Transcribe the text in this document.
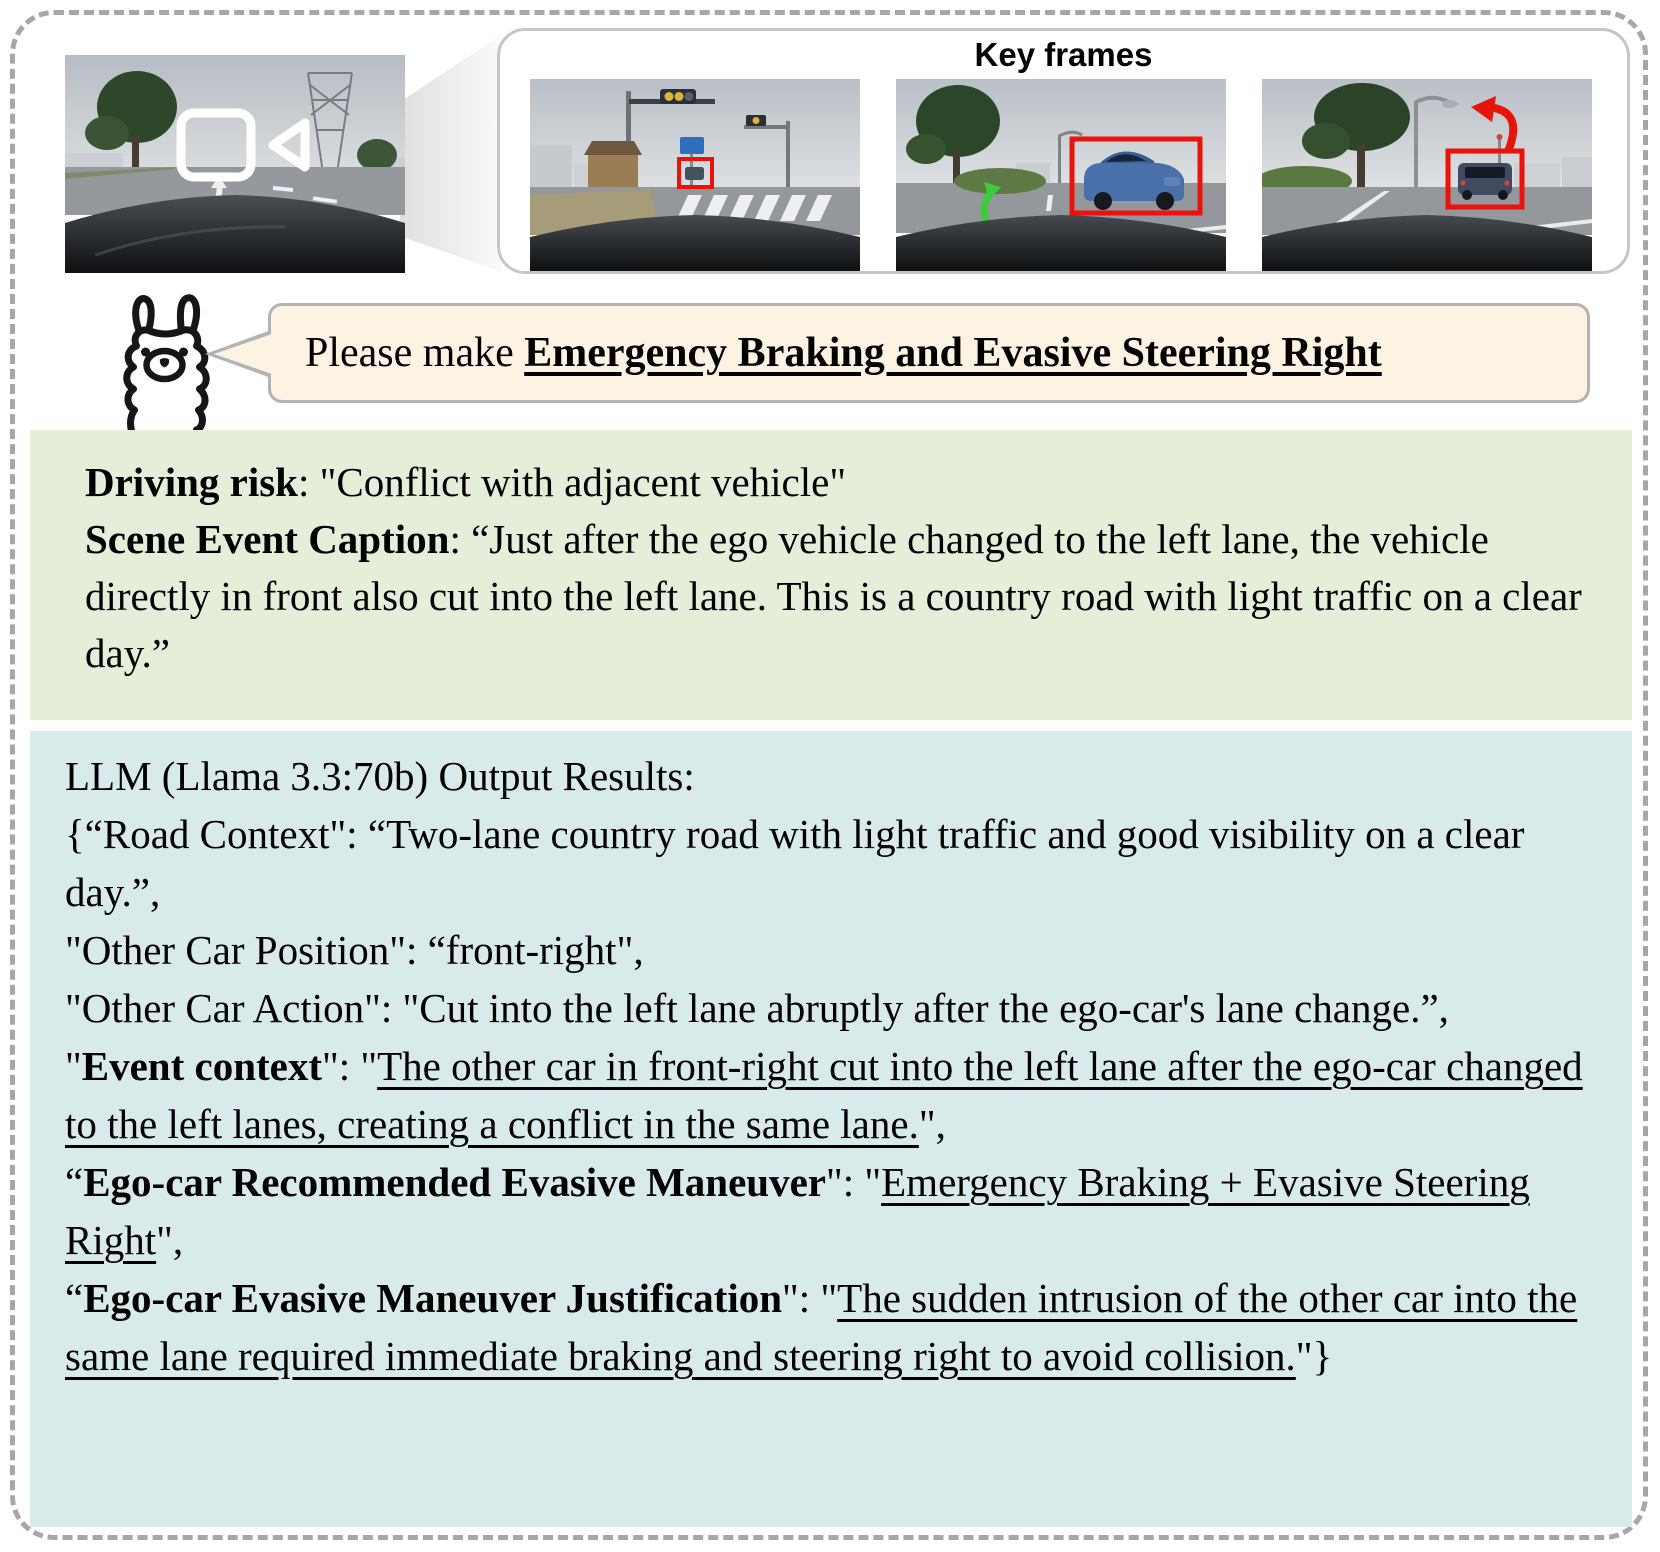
Key frames
Please make Emergency Braking and Evasive Steering Right

Driving risk: "Conflict with adjacent vehicle"

Scene Event Caption: “Just after the ego vehicle changed to the left lane, the vehicle directly in front also cut into the left lane. This is a country road with light traffic on a clear day.”

LLM (Llama 3.3:70b) Output Results:

{“Road Context": “Two-lane country road with light traffic and good visibility on a clear day.”,

"Other Car Position": “front-right",

"Other Car Action": "Cut into the left lane abruptly after the ego-car's lane change.”,

"Event context": "The other car in front-right cut into the left lane after the ego-car changed to the left lanes, creating a conflict in the same lane.",

“Ego-car Recommended Evasive Maneuver": "Emergency Braking + Evasive Steering Right",

“Ego-car Evasive Maneuver Justification": "The sudden intrusion of the other car into the same lane required immediate braking and steering right to avoid collision."}
